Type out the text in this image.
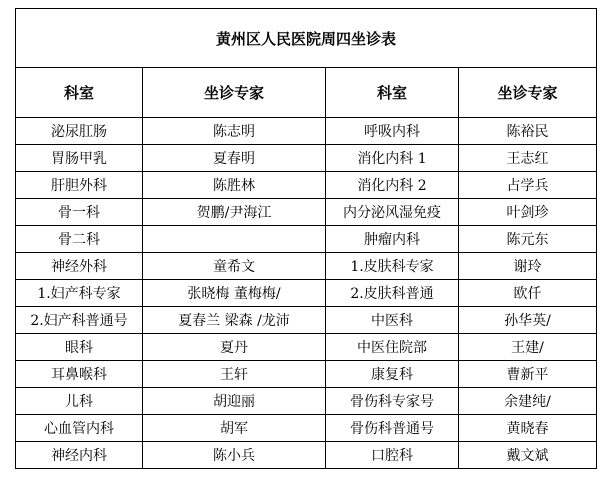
黄州区人民医院周四坐诊表			
科室	坐诊专家	科室	坐诊专家
泌尿肛肠	陈志明	呼吸内科	陈裕民
胃肠甲乳	夏春明	消化内科 1	王志红
肝胆外科	陈胜林	消化内科 2	占学兵
骨一科	贺鹏/尹海江	内分泌风湿免疫	叶剑珍
骨二科		肿瘤内科	陈元东
神经外科	童希文	1.皮肤科专家	谢玲
1.妇产科专家	张晓梅 董梅梅/	2.皮肤科普通	欧仟
2.妇产科普通号	夏春兰 梁森 /龙沛	中医科	孙华英/
眼科	夏丹	中医住院部	王建/
耳鼻喉科	王轩	康复科	曹新平
儿科	胡迎丽	骨伤科专家号	余建纯/
心血管内科	胡军	骨伤科普通号	黄晓春
神经内科	陈小兵	口腔科	戴文斌
